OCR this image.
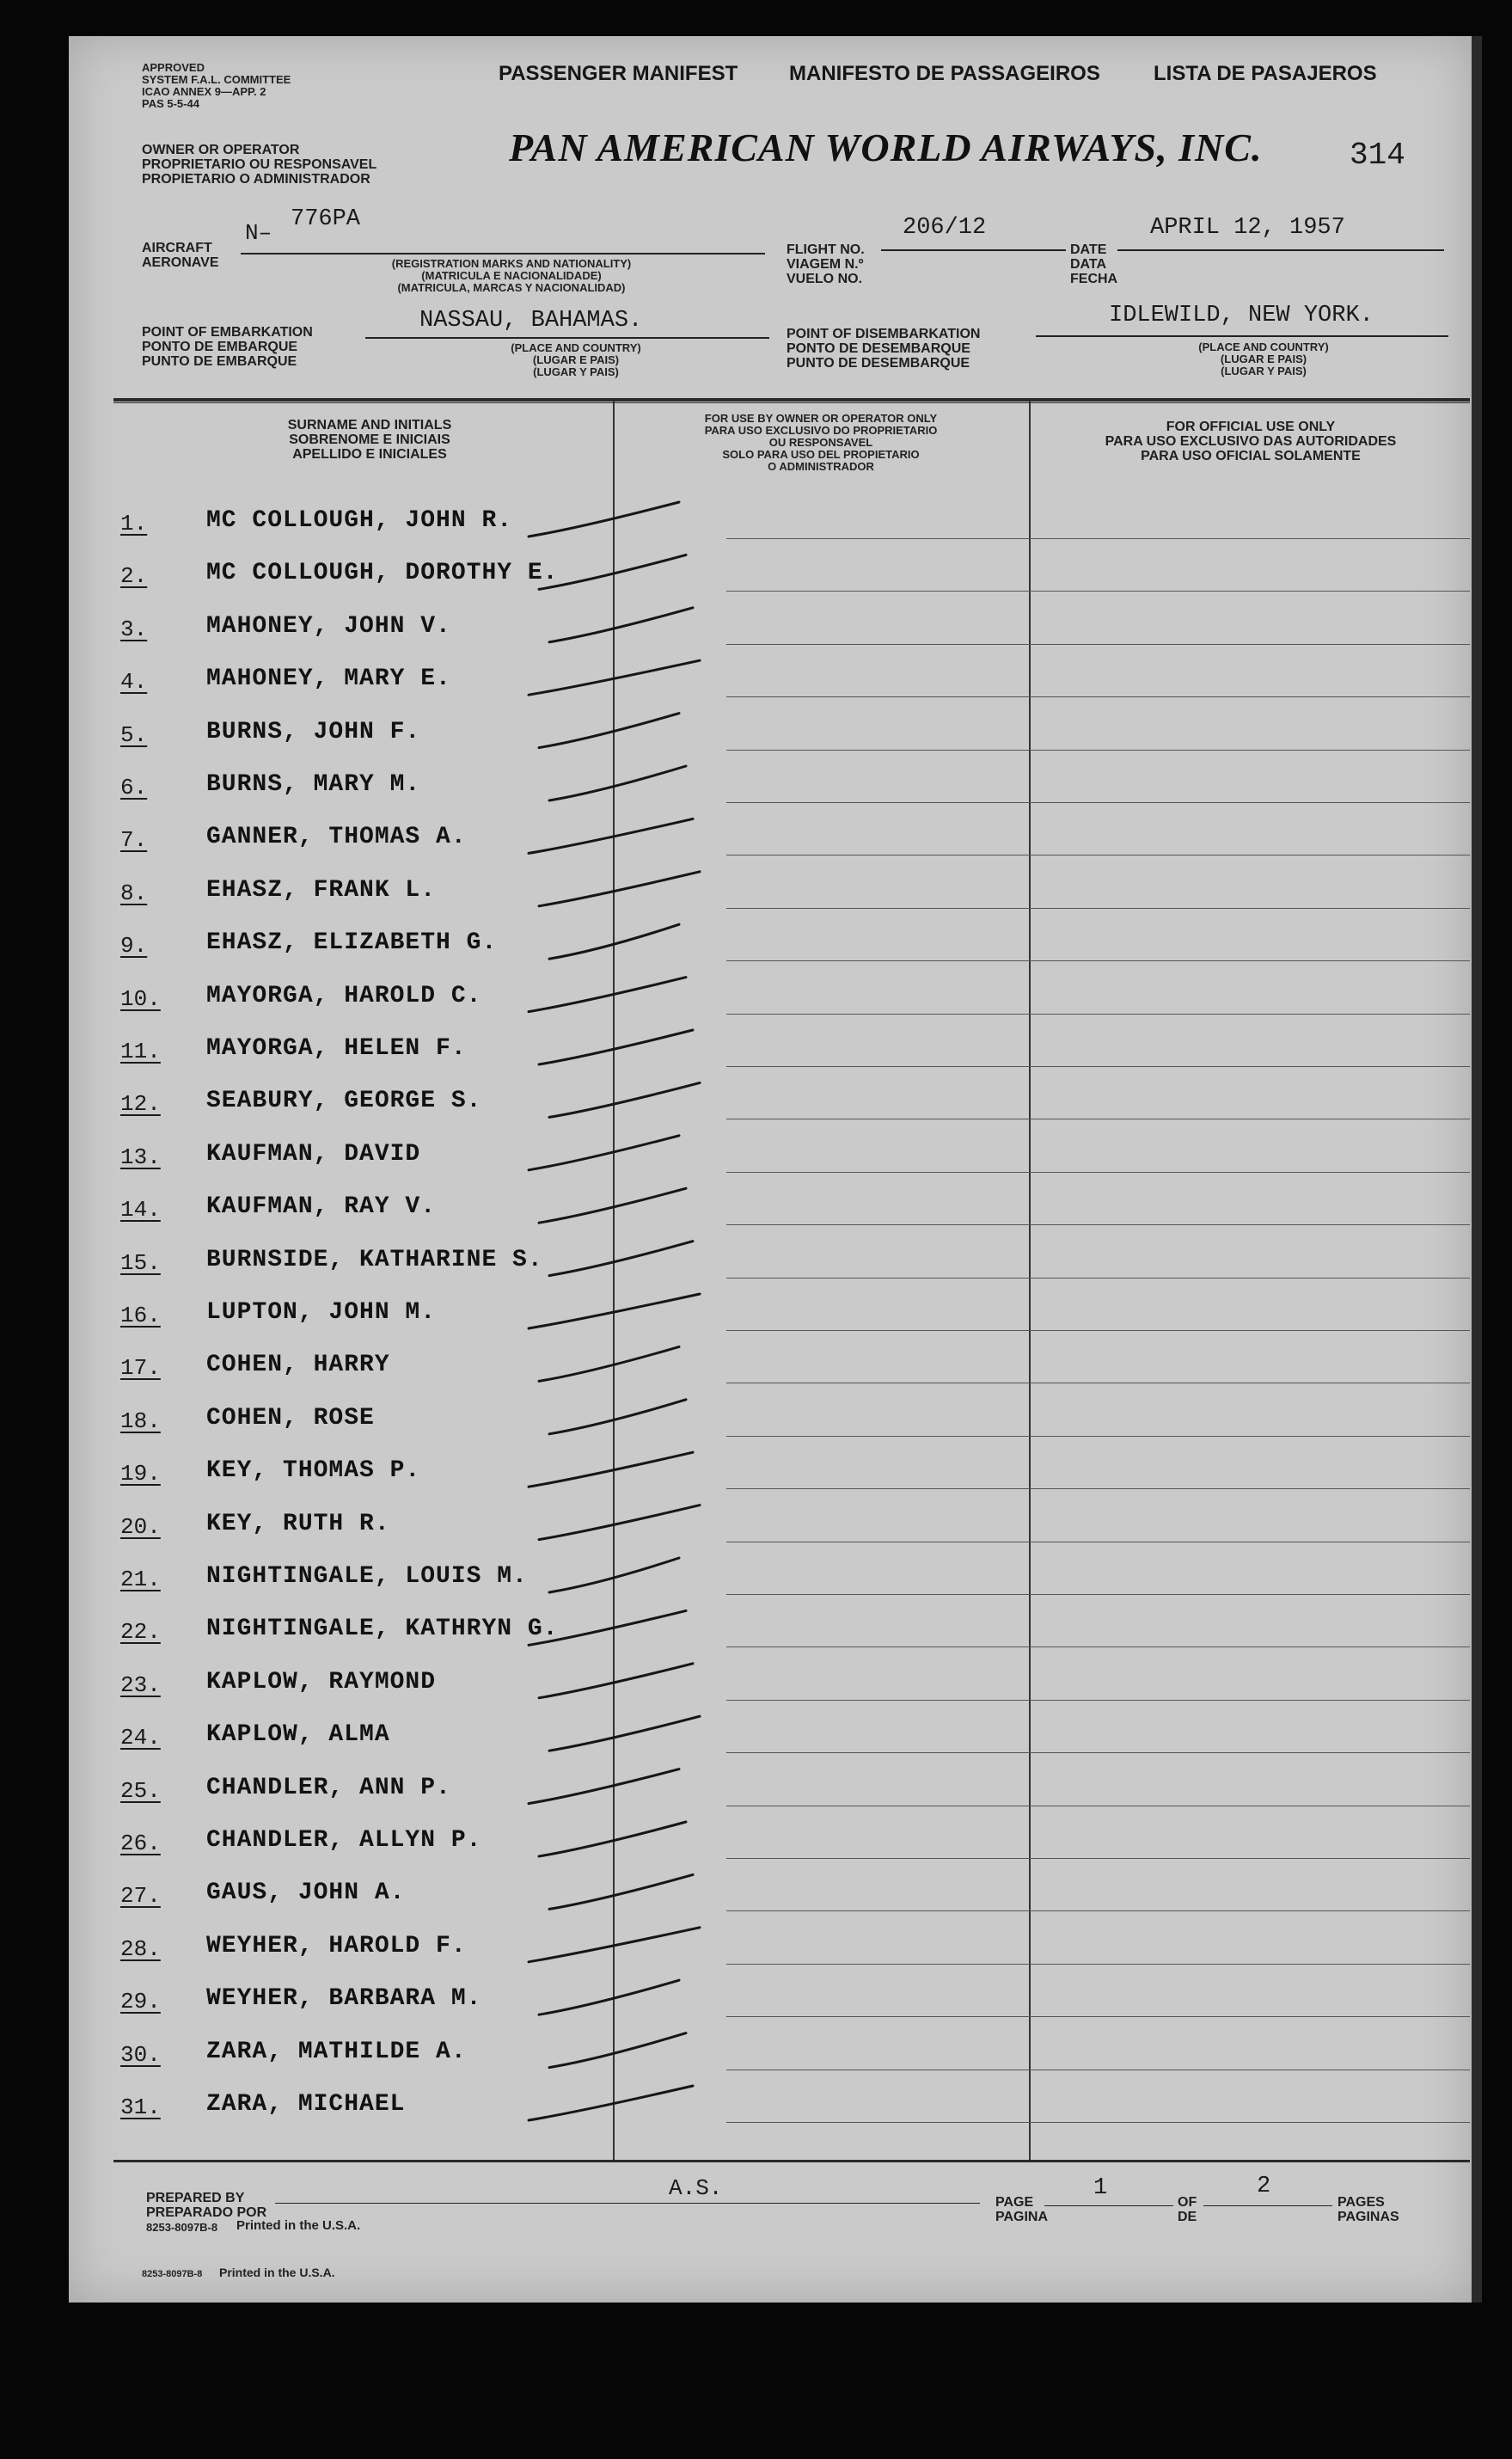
APPROVED
SYSTEM F.A.L. COMMITTEE
ICAO ANNEX 9—APP. 2
PAS 5-5-44
OWNER OR OPERATOR
PROPRIETARIO OU RESPONSAVEL
PROPIETARIO O ADMINISTRADOR
PASSENGER MANIFEST MANIFESTO DE PASSAGEIROS	LISTA DE PASAJEROS
PAN AMERICAN WORLD AIRWAYS, INC.	314
AIRCRAFT
AERONAVE
N–
776PA
(REGISTRATION MARKS AND NATIONALITY)
(MATRICULA E NACIONALIDADE)
(MATRICULA, MARCAS Y NACIONALIDAD)
FLIGHT NO.
VIAGEM N.º
VUELO NO.
206/12
DATE
DATA
FECHA
APRIL 12, 1957
POINT OF EMBARKATION
PONTO DE EMBARQUE
PUNTO DE EMBARQUE
NASSAU, BAHAMAS.
(PLACE AND COUNTRY)
(LUGAR E PAIS)
(LUGAR Y PAIS)
POINT OF DISEMBARKATION
PONTO DE DESEMBARQUE
PUNTO DE DESEMBARQUE
IDLEWILD, NEW YORK.
(PLACE AND COUNTRY)
(LUGAR E PAIS)
(LUGAR Y PAIS)
SURNAME AND INITIALS
SOBRENOME E INICIAIS
APELLIDO E INICIALES
FOR USE BY OWNER OR OPERATOR ONLY
PARA USO EXCLUSIVO DO PROPRIETARIO
OU RESPONSAVEL
SOLO PARA USO DEL PROPIETARIO
O ADMINISTRADOR
FOR OFFICIAL USE ONLY
PARA USO EXCLUSIVO DAS AUTORIDADES
PARA USO OFICIAL SOLAMENTE
1. MC COLLOUGH, JOHN R.
2. MC COLLOUGH, DOROTHY E.
3. MAHONEY, JOHN V.
4. MAHONEY, MARY E.
5. BURNS, JOHN F.
6. BURNS, MARY M.
7. GANNER, THOMAS A.
8. EHASZ, FRANK L.
9. EHASZ, ELIZABETH G.
10. MAYORGA, HAROLD C.
11. MAYORGA, HELEN F.
12. SEABURY, GEORGE S.
13. KAUFMAN, DAVID
14. KAUFMAN, RAY V.
15. BURNSIDE, KATHARINE S.
16. LUPTON, JOHN M.
17. COHEN, HARRY
18. COHEN, ROSE
19. KEY, THOMAS P.
20. KEY, RUTH R.
21. NIGHTINGALE, LOUIS M.
22. NIGHTINGALE, KATHRYN G.
23. KAPLOW, RAYMOND
24. KAPLOW, ALMA
25. CHANDLER, ANN P.
26. CHANDLER, ALLYN P.
27. GAUS, JOHN A.
28. WEYHER, HAROLD F.
29. WEYHER, BARBARA M.
30. ZARA, MATHILDE A.
31. ZARA, MICHAEL
PREPARED BY
PREPARADO POR
A.S.
8253-8097B-8 Printed in the U.S.A.
PAGE
PAGINA
1
OF
DE
2
PAGES
PAGINAS
8253-8097B-8 Printed in the U.S.A.
